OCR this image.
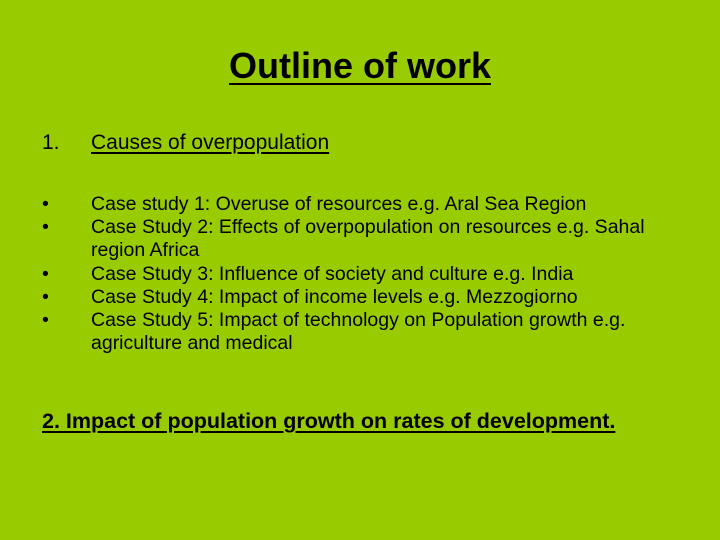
Outline of work
1.	Causes of overpopulation
•	Case study 1: Overuse of resources e.g. Aral Sea Region
•	Case Study 2: Effects of overpopulation on resources e.g. Sahal region Africa
•	Case Study 3: Influence of society and culture e.g. India
•	Case Study 4: Impact of income levels e.g. Mezzogiorno
•	Case Study 5: Impact of technology on Population growth e.g. agriculture and medical
2. Impact of population growth on rates of development.
